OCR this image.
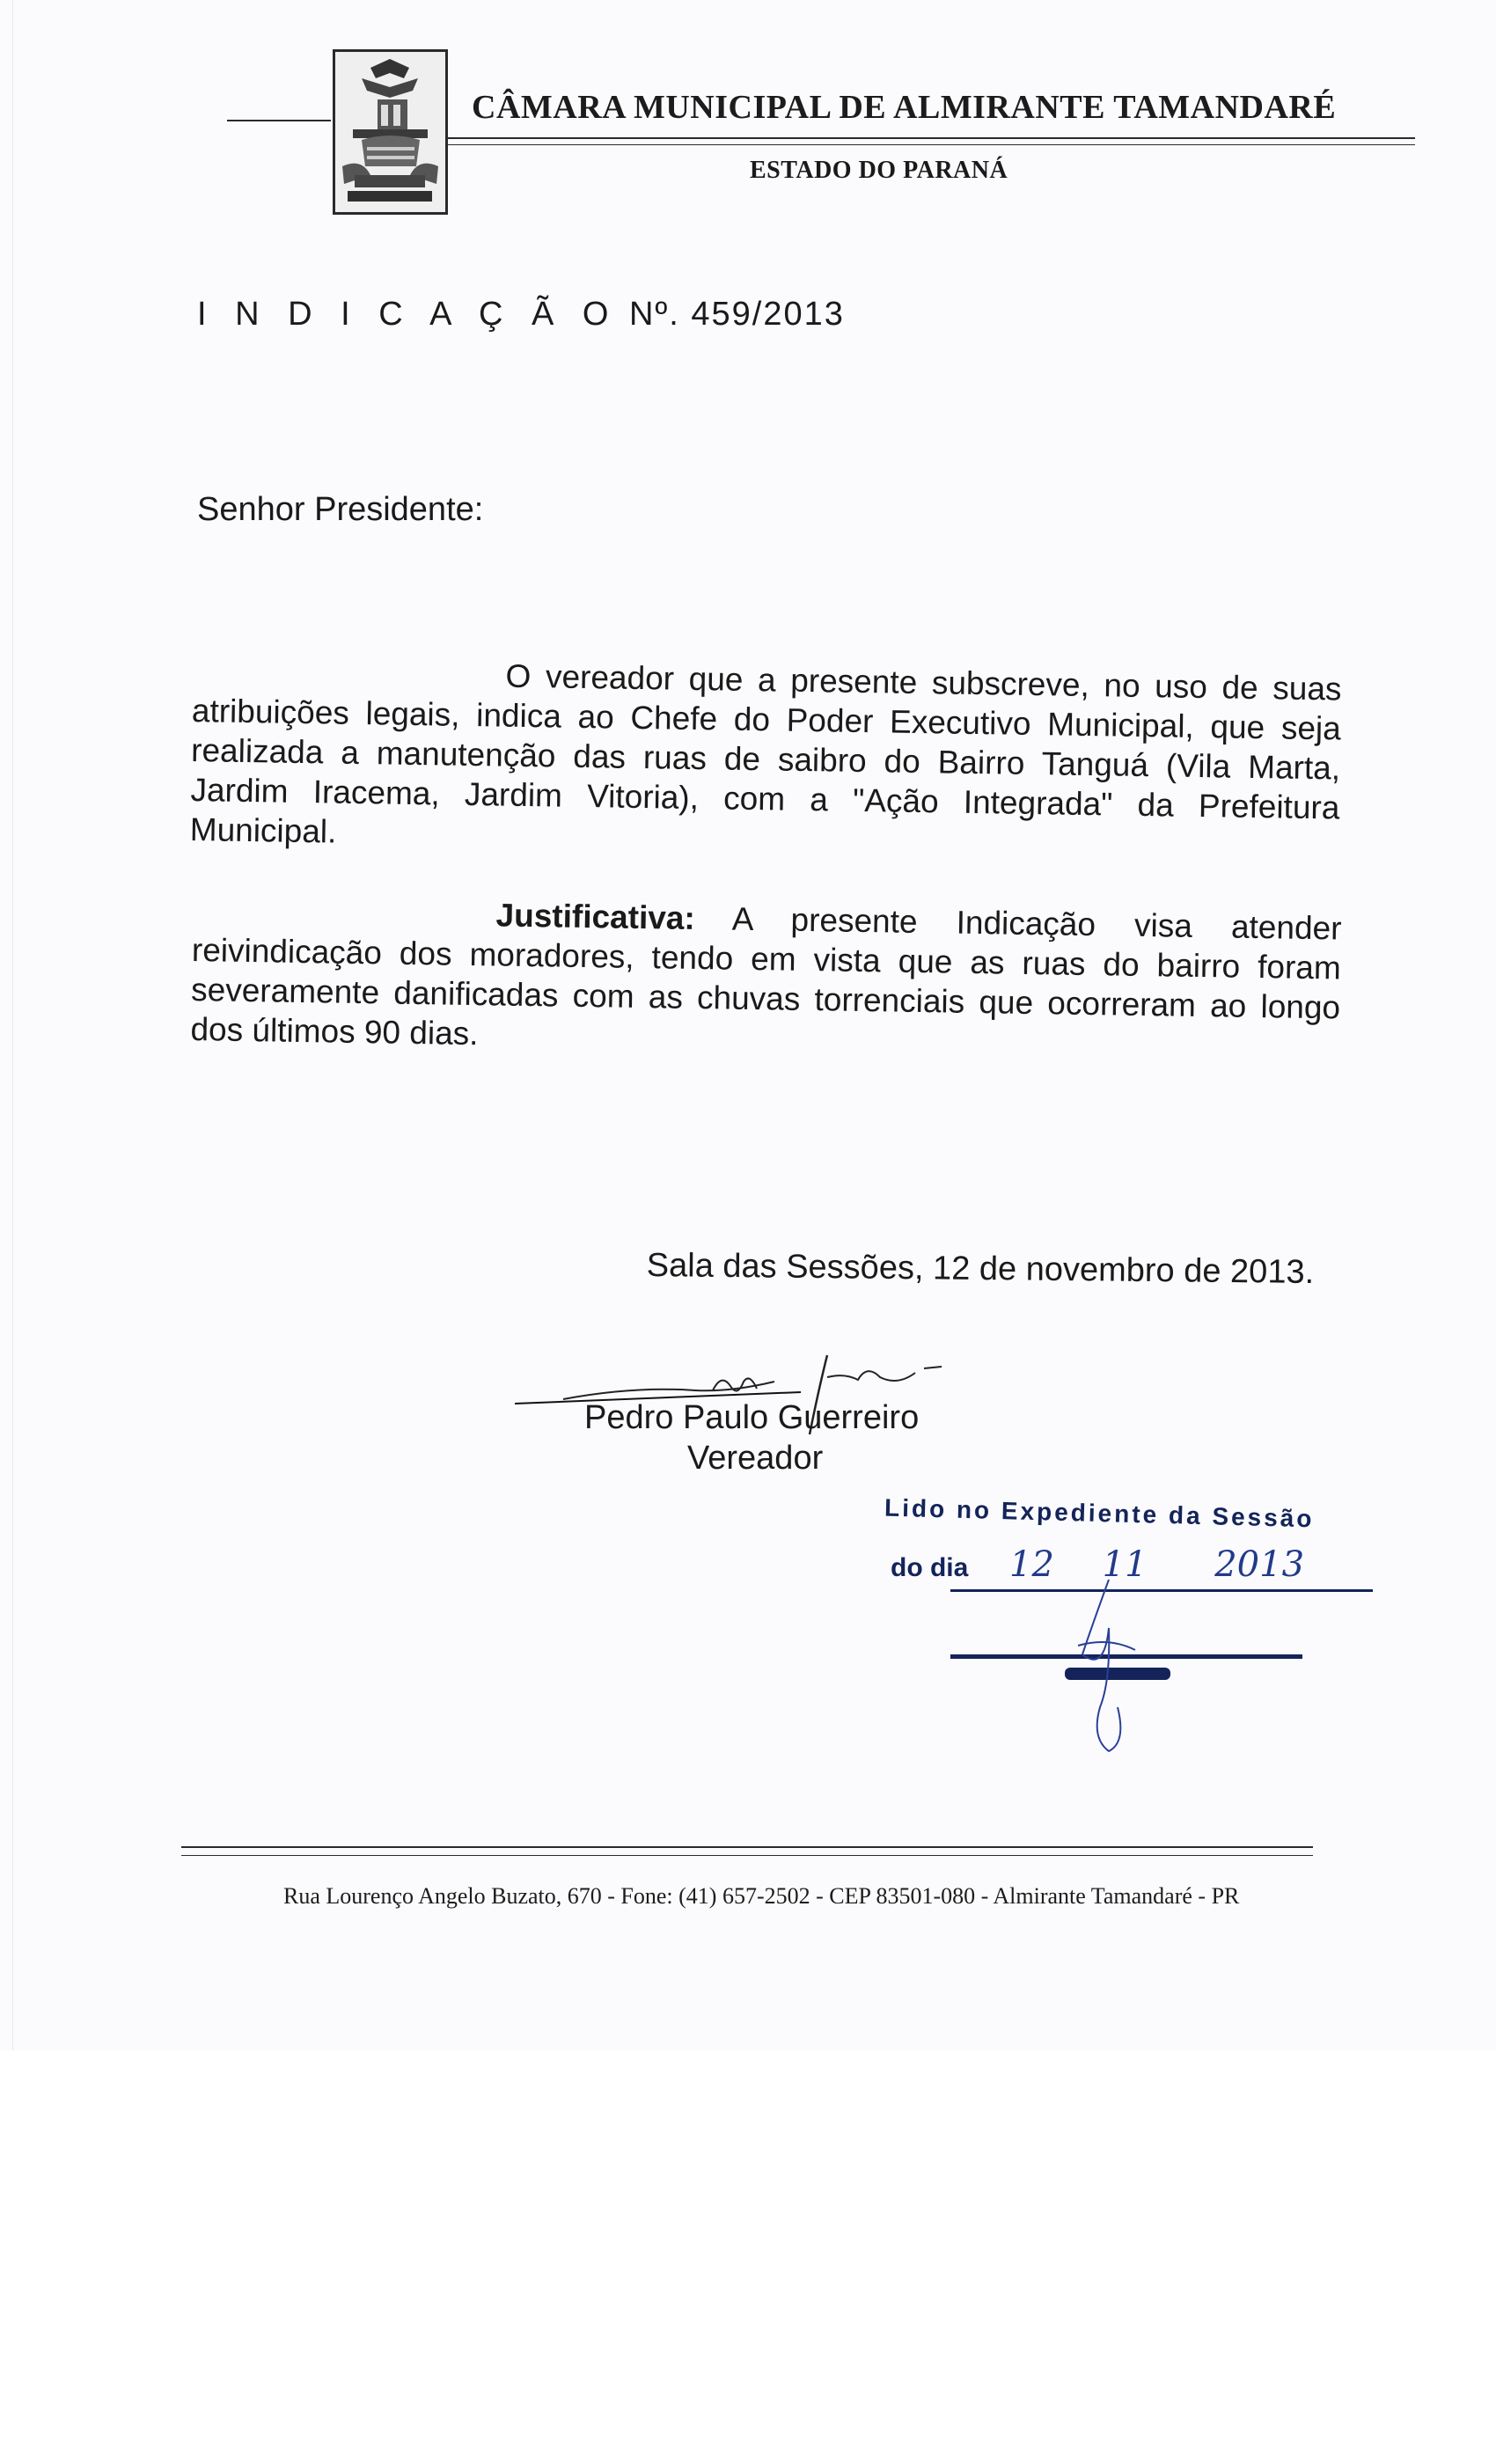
CÂMARA MUNICIPAL DE ALMIRANTE TAMANDARÉ
ESTADO DO PARANÁ
I N D I C A Ç Ã O Nº. 459/2013
Senhor Presidente:
O vereador que a presente subscreve, no uso de suas atribuições legais, indica ao Chefe do Poder Executivo Municipal, que seja realizada a manutenção das ruas de saibro do Bairro Tanguá (Vila Marta, Jardim Iracema, Jardim Vitoria), com a "Ação Integrada" da Prefeitura Municipal.
Justificativa: A presente Indicação visa atender reivindicação dos moradores, tendo em vista que as ruas do bairro foram severamente danificadas com as chuvas torrenciais que ocorreram ao longo dos últimos 90 dias.
Sala das Sessões, 12 de novembro de 2013.
Pedro Paulo Guerreiro
Vereador
Lido no Expediente da Sessão
do dia 12 11 2013
Rua Lourenço Angelo Buzato, 670 - Fone: (41) 657-2502 - CEP 83501-080 - Almirante Tamandaré - PR
